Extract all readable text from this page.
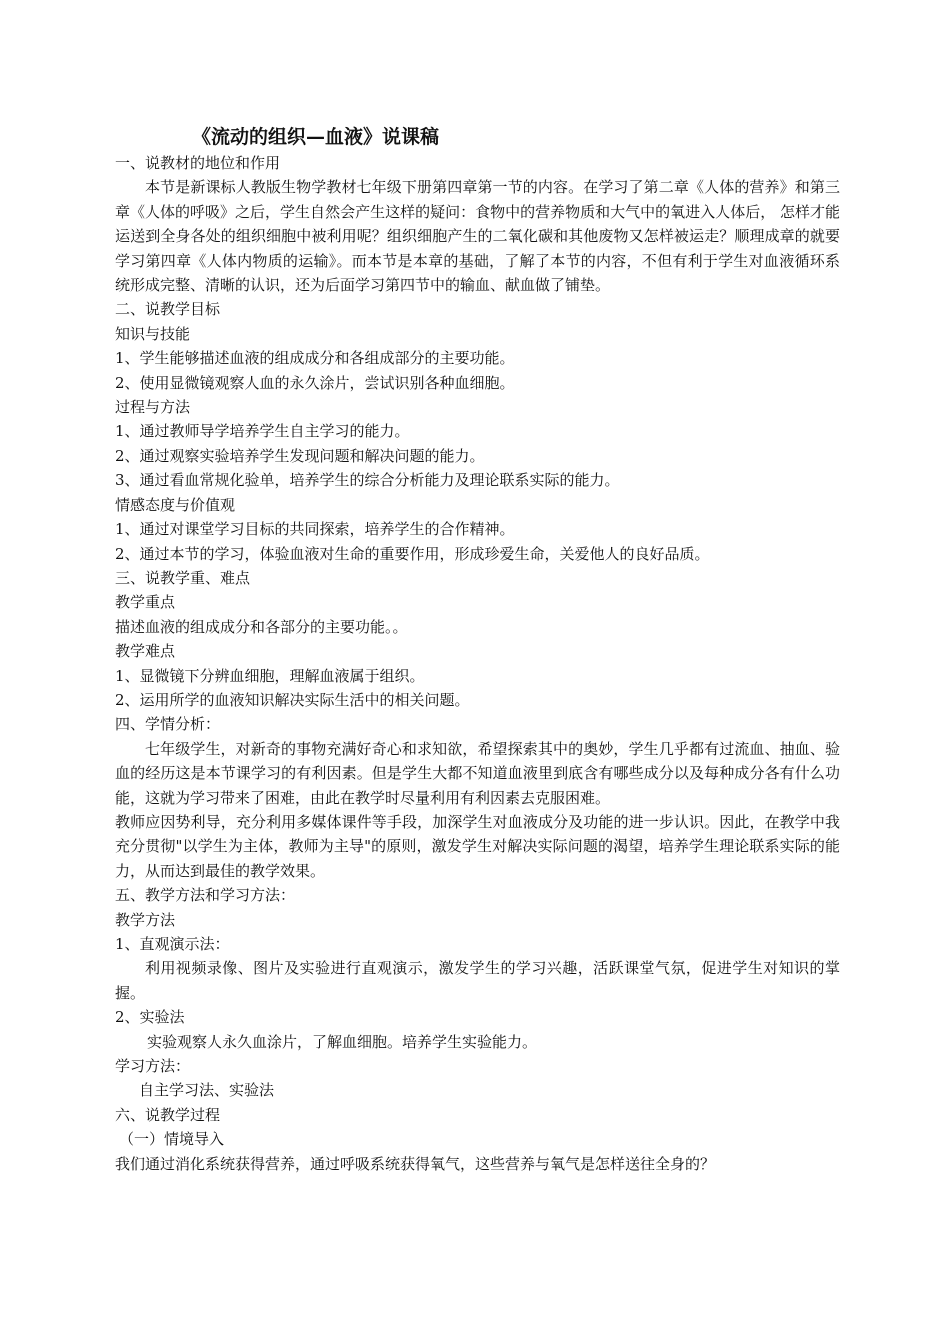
《流动的组织—血液》说课稿

一、说教材的地位和作用

本节是新课标人教版生物学教材七年级下册第四章第一节的内容。在学习了第二章《人体的营养》和第三章《人体的呼吸》之后，学生自然会产生这样的疑问：食物中的营养物质和大气中的氧进入人体后， 怎样才能运送到全身各处的组织细胞中被利用呢？组织细胞产生的二氧化碳和其他废物又怎样被运走？顺理成章的就要学习第四章《人体内物质的运输》。而本节是本章的基础，了解了本节的内容，不但有利于学生对血液循环系统形成完整、清晰的认识，还为后面学习第四节中的输血、献血做了铺垫。

二、说教学目标

知识与技能

1、学生能够描述血液的组成成分和各组成部分的主要功能。

2、使用显微镜观察人血的永久涂片，尝试识别各种血细胞。

过程与方法

1、通过教师导学培养学生自主学习的能力。

2、通过观察实验培养学生发现问题和解决问题的能力。

3、通过看血常规化验单，培养学生的综合分析能力及理论联系实际的能力。

情感态度与价值观

1、通过对课堂学习目标的共同探索，培养学生的合作精神。

2、通过本节的学习，体验血液对生命的重要作用，形成珍爱生命，关爱他人的良好品质。

三、说教学重、难点

教学重点

描述血液的组成成分和各部分的主要功能。。

教学难点

1、显微镜下分辨血细胞，理解血液属于组织。

2、运用所学的血液知识解决实际生活中的相关问题。

四、学情分析：

七年级学生，对新奇的事物充满好奇心和求知欲，希望探索其中的奥妙，学生几乎都有过流血、抽血、验血的经历这是本节课学习的有利因素。但是学生大都不知道血液里到底含有哪些成分以及每种成分各有什么功能，这就为学习带来了困难，由此在教学时尽量利用有利因素去克服困难。

教师应因势利导，充分利用多媒体课件等手段，加深学生对血液成分及功能的进一步认识。因此，在教学中我充分贯彻"以学生为主体，教师为主导"的原则，激发学生对解决实际问题的渴望，培养学生理论联系实际的能力，从而达到最佳的教学效果。

五、教学方法和学习方法：

教学方法

1、直观演示法：

利用视频录像、图片及实验进行直观演示，激发学生的学习兴趣，活跃课堂气氛，促进学生对知识的掌握。

2、实验法

实验观察人永久血涂片，了解血细胞。培养学生实验能力。

学习方法：

自主学习法、实验法

六、说教学过程

（一）情境导入

我们通过消化系统获得营养，通过呼吸系统获得氧气，这些营养与氧气是怎样送往全身的？
